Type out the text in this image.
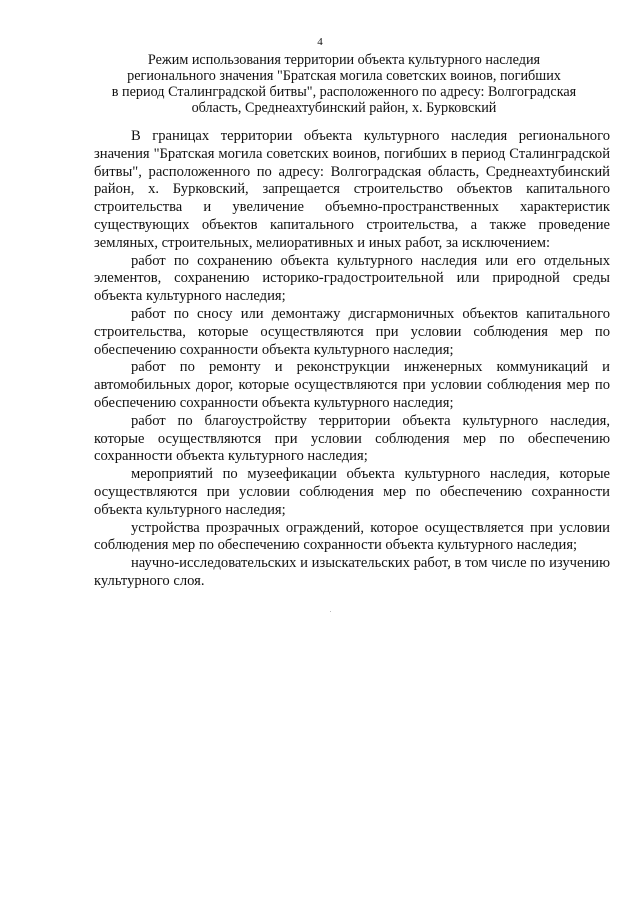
4
Режим использования территории объекта культурного наследия
регионального значения "Братская могила советских воинов, погибших
в период Сталинградской битвы", расположенного по адресу: Волгоградская
область, Среднеахтубинский район, х. Бурковский

В границах территории объекта культурного наследия регионального значения "Братская могила советских воинов, погибших в период Сталинградской битвы", расположенного по адресу: Волгоградская область, Среднеахтубинский район, х. Бурковский, запрещается строительство объектов капитального строительства и увеличение объемно-пространственных характеристик существующих объектов капитального строительства, а также проведение земляных, строительных, мелиоративных и иных работ, за исключением:

работ по сохранению объекта культурного наследия или его отдельных элементов, сохранению историко-градостроительной или природной среды объекта культурного наследия;

работ по сносу или демонтажу дисгармоничных объектов капитального строительства, которые осуществляются при условии соблюдения мер по обеспечению сохранности объекта культурного наследия;

работ по ремонту и реконструкции инженерных коммуникаций и автомобильных дорог, которые осуществляются при условии соблюдения мер по обеспечению сохранности объекта культурного наследия;

работ по благоустройству территории объекта культурного наследия, которые осуществляются при условии соблюдения мер по обеспечению сохранности объекта культурного наследия;

мероприятий по музеефикации объекта культурного наследия, которые осуществляются при условии соблюдения мер по обеспечению сохранности объекта культурного наследия;

устройства прозрачных ограждений, которое осуществляется при условии соблюдения мер по обеспечению сохранности объекта культурного наследия;

научно-исследовательских и изыскательских работ, в том числе по изучению культурного слоя.
